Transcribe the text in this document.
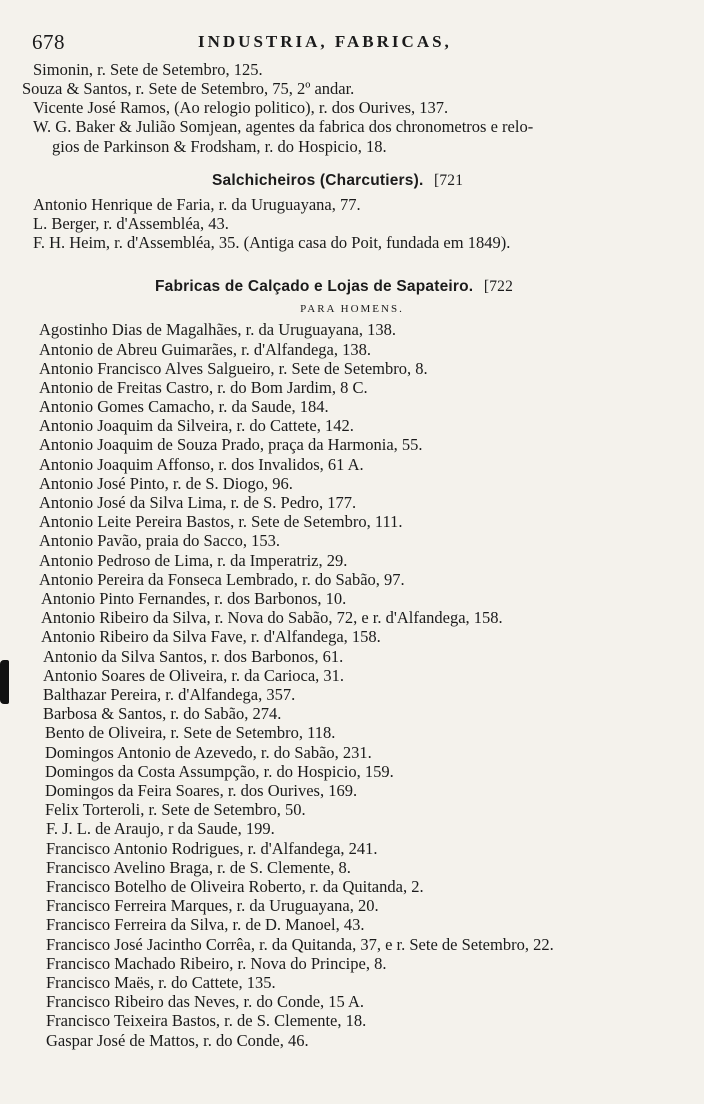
678	INDUSTRIA, FABRICAS,
Simonin, r. Sete de Setembro, 125.
Souza & Santos, r. Sete de Setembro, 75, 2º andar.
Vicente José Ramos, (Ao relogio politico), r. dos Ourives, 137.
W. G. Baker & Julião Somjean, agentes da fabrica dos chronometros e relo-
gios de Parkinson & Frodsham, r. do Hospicio, 18.
Salchicheiros (Charcutiers). [721
Antonio Henrique de Faria, r. da Uruguayana, 77.
L. Berger, r. d'Assembléa, 43.
F. H. Heim, r. d'Assembléa, 35. (Antiga casa do Poit, fundada em 1849).
Fabricas de Calçado e Lojas de Sapateiro. [722
PARA HOMENS.
Agostinho Dias de Magalhães, r. da Uruguayana, 138.
Antonio de Abreu Guimarães, r. d'Alfandega, 138.
Antonio Francisco Alves Salgueiro, r. Sete de Setembro, 8.
Antonio de Freitas Castro, r. do Bom Jardim, 8 C.
Antonio Gomes Camacho, r. da Saude, 184.
Antonio Joaquim da Silveira, r. do Cattete, 142.
Antonio Joaquim de Souza Prado, praça da Harmonia, 55.
Antonio Joaquim Affonso, r. dos Invalidos, 61 A.
Antonio José Pinto, r. de S. Diogo, 96.
Antonio José da Silva Lima, r. de S. Pedro, 177.
Antonio Leite Pereira Bastos, r. Sete de Setembro, 111.
Antonio Pavão, praia do Sacco, 153.
Antonio Pedroso de Lima, r. da Imperatriz, 29.
Antonio Pereira da Fonseca Lembrado, r. do Sabão, 97.
Antonio Pinto Fernandes, r. dos Barbonos, 10.
Antonio Ribeiro da Silva, r. Nova do Sabão, 72, e r. d'Alfandega, 158.
Antonio Ribeiro da Silva Fave, r. d'Alfandega, 158.
Antonio da Silva Santos, r. dos Barbonos, 61.
Antonio Soares de Oliveira, r. da Carioca, 31.
Balthazar Pereira, r. d'Alfandega, 357.
Barbosa & Santos, r. do Sabão, 274.
Bento de Oliveira, r. Sete de Setembro, 118.
Domingos Antonio de Azevedo, r. do Sabão, 231.
Domingos da Costa Assumpção, r. do Hospicio, 159.
Domingos da Feira Soares, r. dos Ourives, 169.
Felix Torteroli, r. Sete de Setembro, 50.
F. J. L. de Araujo, r da Saude, 199.
Francisco Antonio Rodrigues, r. d'Alfandega, 241.
Francisco Avelino Braga, r. de S. Clemente, 8.
Francisco Botelho de Oliveira Roberto, r. da Quitanda, 2.
Francisco Ferreira Marques, r. da Uruguayana, 20.
Francisco Ferreira da Silva, r. de D. Manoel, 43.
Francisco José Jacintho Corrêa, r. da Quitanda, 37, e r. Sete de Setembro, 22.
Francisco Machado Ribeiro, r. Nova do Principe, 8.
Francisco Maës, r. do Cattete, 135.
Francisco Ribeiro das Neves, r. do Conde, 15 A.
Francisco Teixeira Bastos, r. de S. Clemente, 18.
Gaspar José de Mattos, r. do Conde, 46.
